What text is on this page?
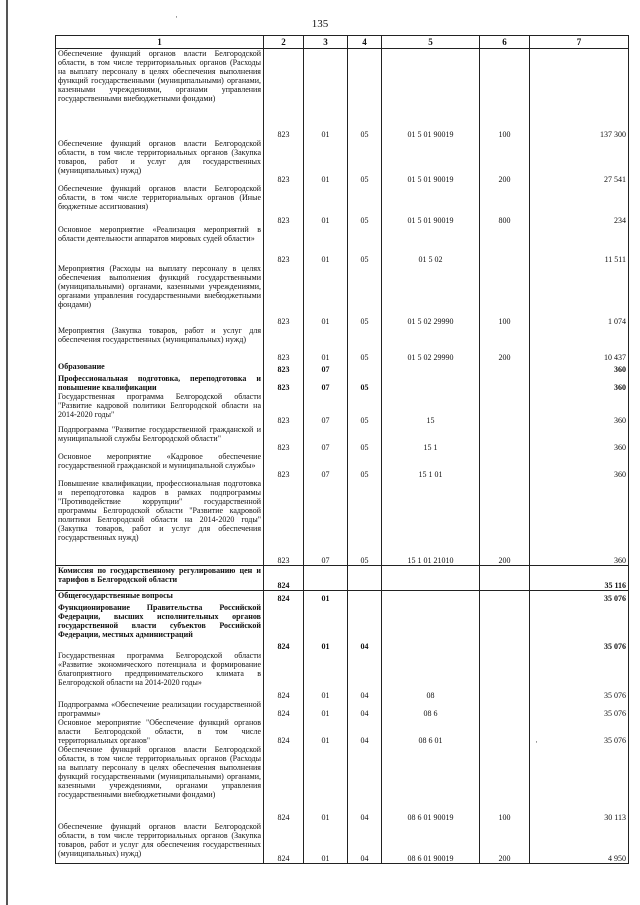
135
·
·
1	2	3	4	5	6	7
Обеспечение функций органов власти Белгородской области, в том числе территориальных органов (Расходы на выплату персоналу в целях обеспечения выполнения функций государственными (муниципальными) органами, казенными учреждениями, органами управления государственными внебюджетными фондами)	823	01	05	01 5 01 90019	100	137 300
Обеспечение функций органов власти Белгородской области, в том числе территориальных органов (Закупка товаров, работ и услуг для государственных (муниципальных) нужд)	823	01	05	01 5 01 90019	200	27 541
Обеспечение функций органов власти Белгородской области, в том числе территориальных органов (Иные бюджетные ассигнования)	823	01	05	01 5 01 90019	800	234
Основное мероприятие «Реализация мероприятий в области деятельности аппаратов мировых судей области»	823	01	05	01 5 02		11 511
Мероприятия (Расходы на выплату персоналу в целях обеспечения выполнения функций государственными (муниципальными) органами, казенными учреждениями, органами управления государственными внебюджетными фондами)	823	01	05	01 5 02 29990	100	1 074
Мероприятия (Закупка товаров, работ и услуг для обеспечения государственных (муниципальных) нужд)	823	01	05	01 5 02 29990	200	10 437
Образование	823	07				360
Профессиональная подготовка, переподготовка и повышение квалификации	823	07	05			360
Государственная программа Белгородской области "Развитие кадровой политики Белгородской области на 2014-2020 годы"	823	07	05	15		360
Подпрограмма "Развитие государственной гражданской и муниципальной службы Белгородской области"	823	07	05	15 1		360
Основное мероприятие «Кадровое обеспечение государственной гражданской и муниципальной службы»	823	07	05	15 1 01		360
Повышение квалификации, профессиональная подготовка и переподготовка кадров в рамках подпрограммы "Противодействие коррупции" государственной программы Белгородской области "Развитие кадровой политики Белгородской области на 2014-2020 годы" (Закупка товаров, работ и услуг для обеспечения государственных нужд)	823	07	05	15 1 01 21010	200	360
Комиссия по государственному регулированию цен и тарифов в Белгородской области	824					35 116
Общегосударственные вопросы	824	01				35 076
Функционирование Правительства Российской Федерации, высших исполнительных органов государственной власти субъектов Российской Федерации, местных администраций	824	01	04			35 076
Государственная программа Белгородской области «Развитие экономического потенциала и формирование благоприятного предпринимательского климата в Белгородской области на 2014-2020 годы»	824	01	04	08		35 076
Подпрограмма «Обеспечение реализации государственной программы»	824	01	04	08 6		35 076
Основное мероприятие "Обеспечение функций органов власти Белгородской области, в том числе территориальных органов"	824	01	04	08 6 01		35 076
Обеспечение функций органов власти Белгородской области, в том числе территориальных органов (Расходы на выплату персоналу в целях обеспечения выполнения функций государственными (муниципальными) органами, казенными учреждениями, органами управления государственными внебюджетными фондами)	824	01	04	08 6 01 90019	100	30 113
Обеспечение функций органов власти Белгородской области, в том числе территориальных органов (Закупка товаров, работ и услуг для обеспечения государственных (муниципальных) нужд)	824	01	04	08 6 01 90019	200	4 950
